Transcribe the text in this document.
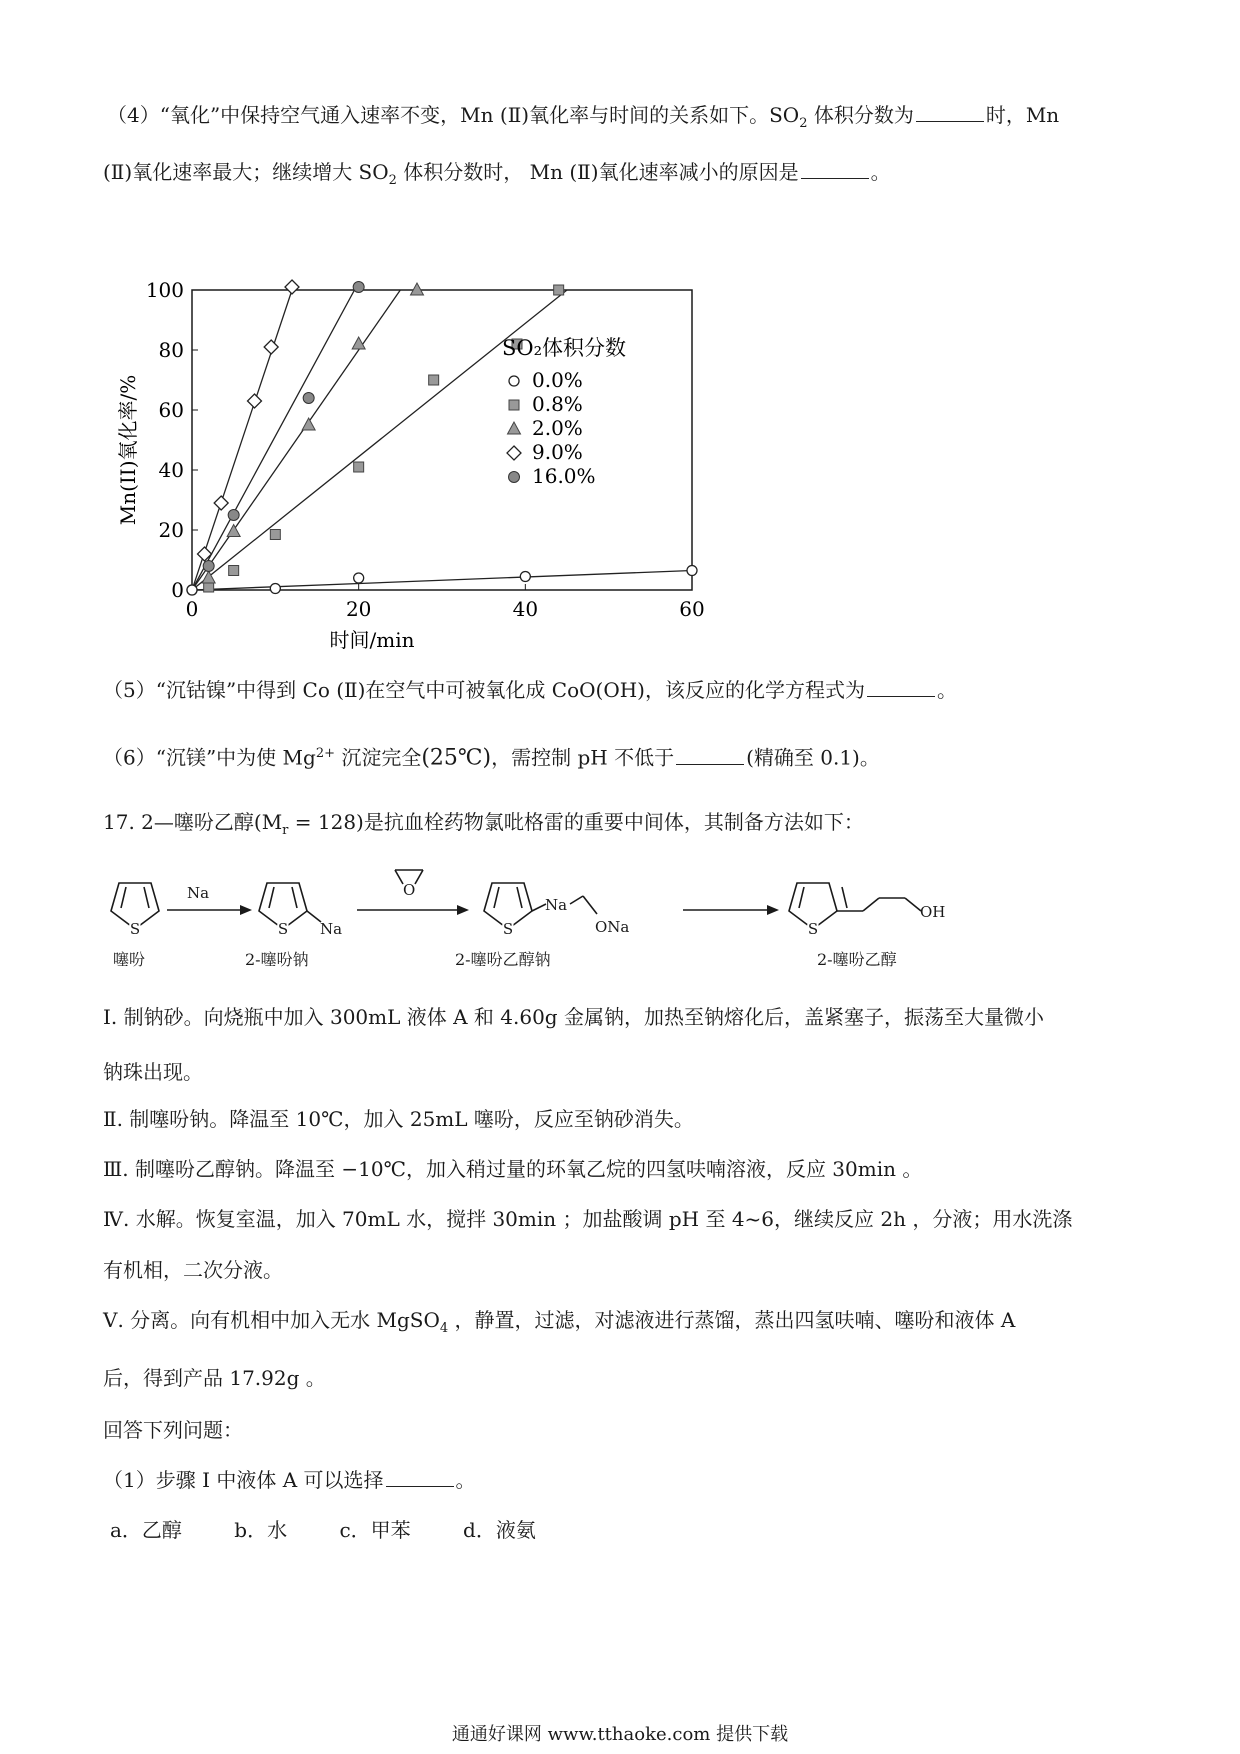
（4）“氧化”中保持空气通入速率不变，Mn (Ⅱ)氧化率与时间的关系如下。$SO_2$ 体积分数为	时，Mn
(Ⅱ)氧化速率最大；继续增大 $SO_2$ 体积分数时， Mn (Ⅱ)氧化速率减小的原因是	。
0	20	40	60
0
20
40
60
80
100
时间/min
Mn(II)氧化率/%
SO₂体积分数
0.0%
0.8%
2.0%
9.0%
16.0%
（5）“沉钴镍”中得到 Co (Ⅱ)在空气中可被氧化成 CoO(OH)，该反应的化学方程式为	。
（6）“沉镁”中为使 $Mg^{2+}$ 沉淀完全(25℃)，需控制 pH 不低于	(精确至 0.1)。
17. 2—噻吩乙醇$(M_r = 128)$是抗血栓药物氯吡格雷的重要中间体，其制备方法如下：
S	S	S	S
Na
Na
O
Na
ONa
OH
噻吩	2-噻吩钠	2-噻吩乙醇钠	2-噻吩乙醇
Ⅰ. 制钠砂。向烧瓶中加入 300mL 液体 A 和 4.60g 金属钠，加热至钠熔化后，盖紧塞子，振荡至大量微小
钠珠出现。
Ⅱ. 制噻吩钠。降温至 10℃，加入 25mL 噻吩，反应至钠砂消失。
Ⅲ. 制噻吩乙醇钠。降温至 −10℃，加入稍过量的环氧乙烷的四氢呋喃溶液，反应 30min 。
Ⅳ. 水解。恢复室温，加入 70mL 水，搅拌 30min ；加盐酸调 pH 至 4~6，继续反应 2h ，分液；用水洗涤
有机相，二次分液。
Ⅴ. 分离。向有机相中加入无水 MgSO$_4$ ，静置，过滤，对滤液进行蒸馏，蒸出四氢呋喃、噻吩和液体 A
后，得到产品 17.92g 。
回答下列问题：
（1）步骤 I 中液体 A 可以选择	。
a．乙醇	b．水	c．甲苯	d．液氨
通通好课网 www.tthaoke.com 提供下载
